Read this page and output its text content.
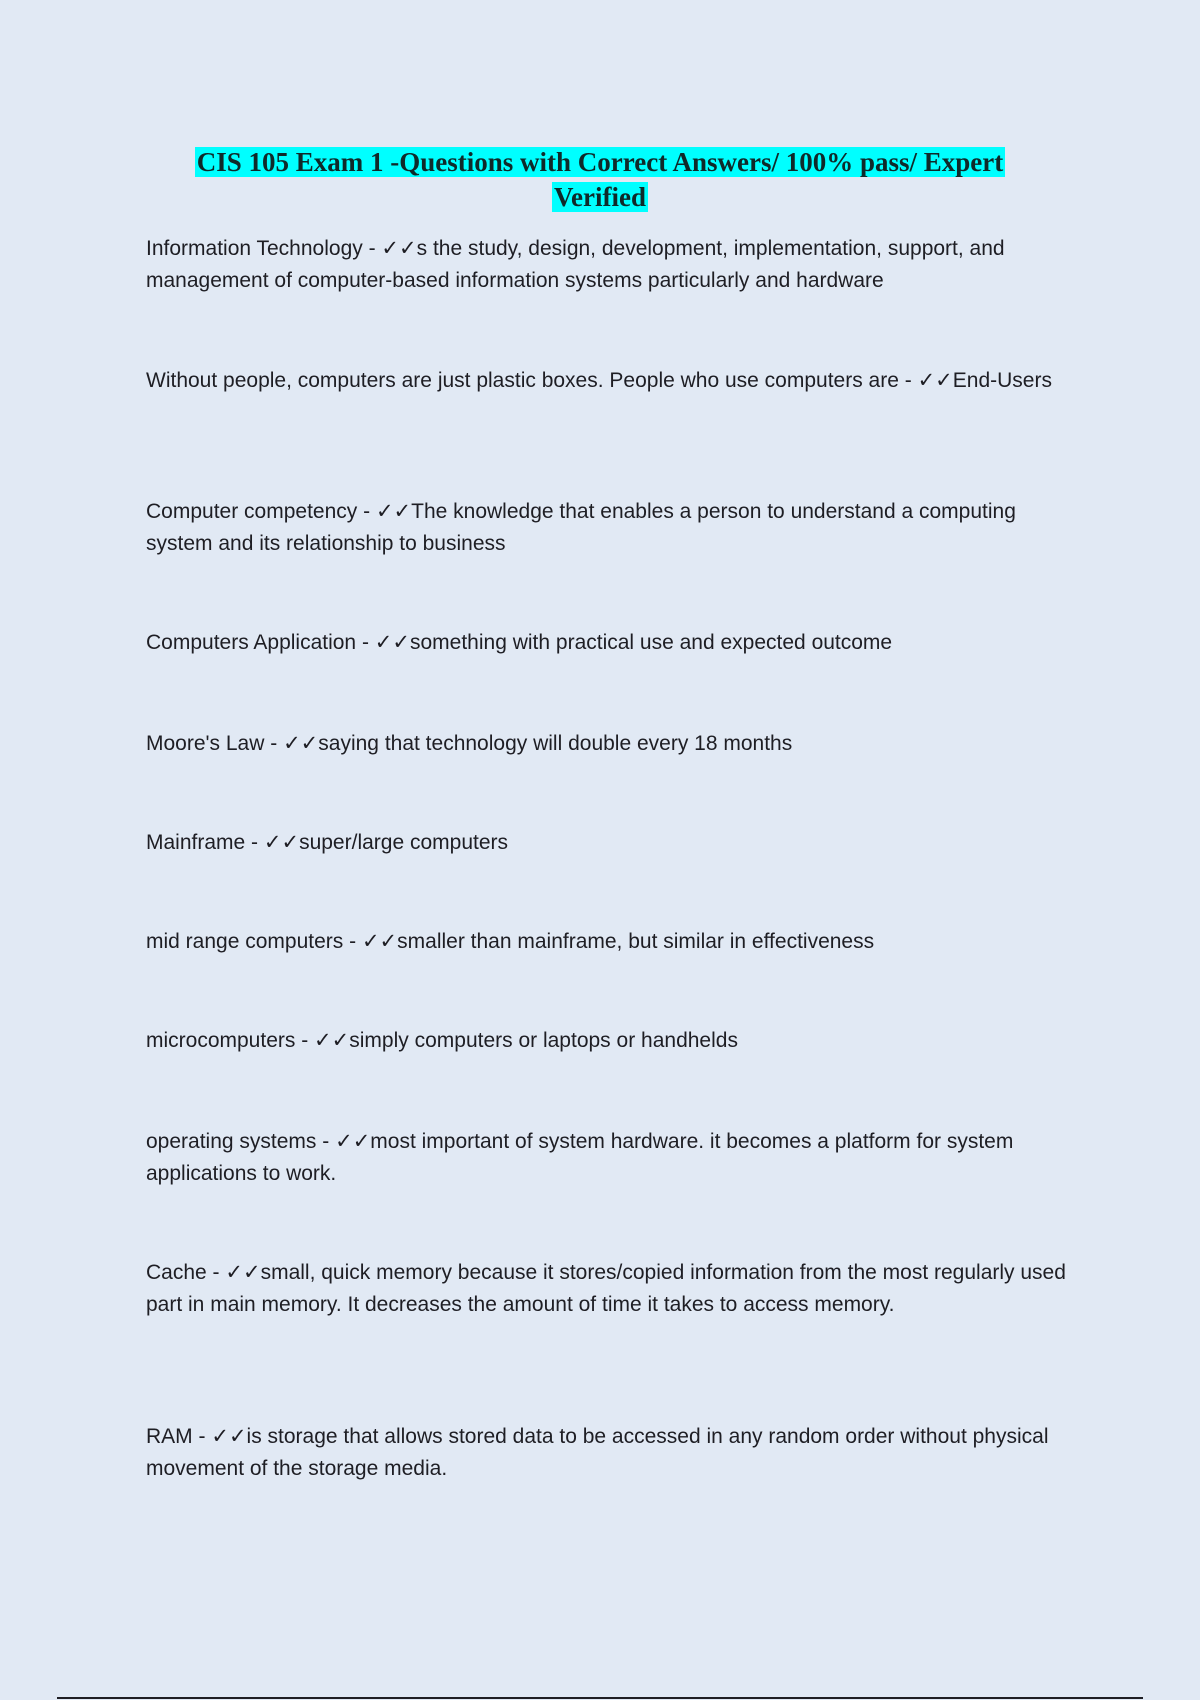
CIS 105 Exam 1 -Questions with Correct Answers/ 100% pass/ Expert Verified

Information Technology - ✓✓s the study, design, development, implementation, support, and management of computer-based information systems particularly and hardware

Without people, computers are just plastic boxes. People who use computers are - ✓✓End-Users

Computer competency - ✓✓The knowledge that enables a person to understand a computing system and its relationship to business

Computers Application - ✓✓something with practical use and expected outcome

Moore's Law - ✓✓saying that technology will double every 18 months

Mainframe - ✓✓super/large computers

mid range computers - ✓✓smaller than mainframe, but similar in effectiveness

microcomputers - ✓✓simply computers or laptops or handhelds

operating systems - ✓✓most important of system hardware. it becomes a platform for system applications to work.

Cache - ✓✓small, quick memory because it stores/copied information from the most regularly used part in main memory. It decreases the amount of time it takes to access memory.

RAM - ✓✓is storage that allows stored data to be accessed in any random order without physical movement of the storage media.
